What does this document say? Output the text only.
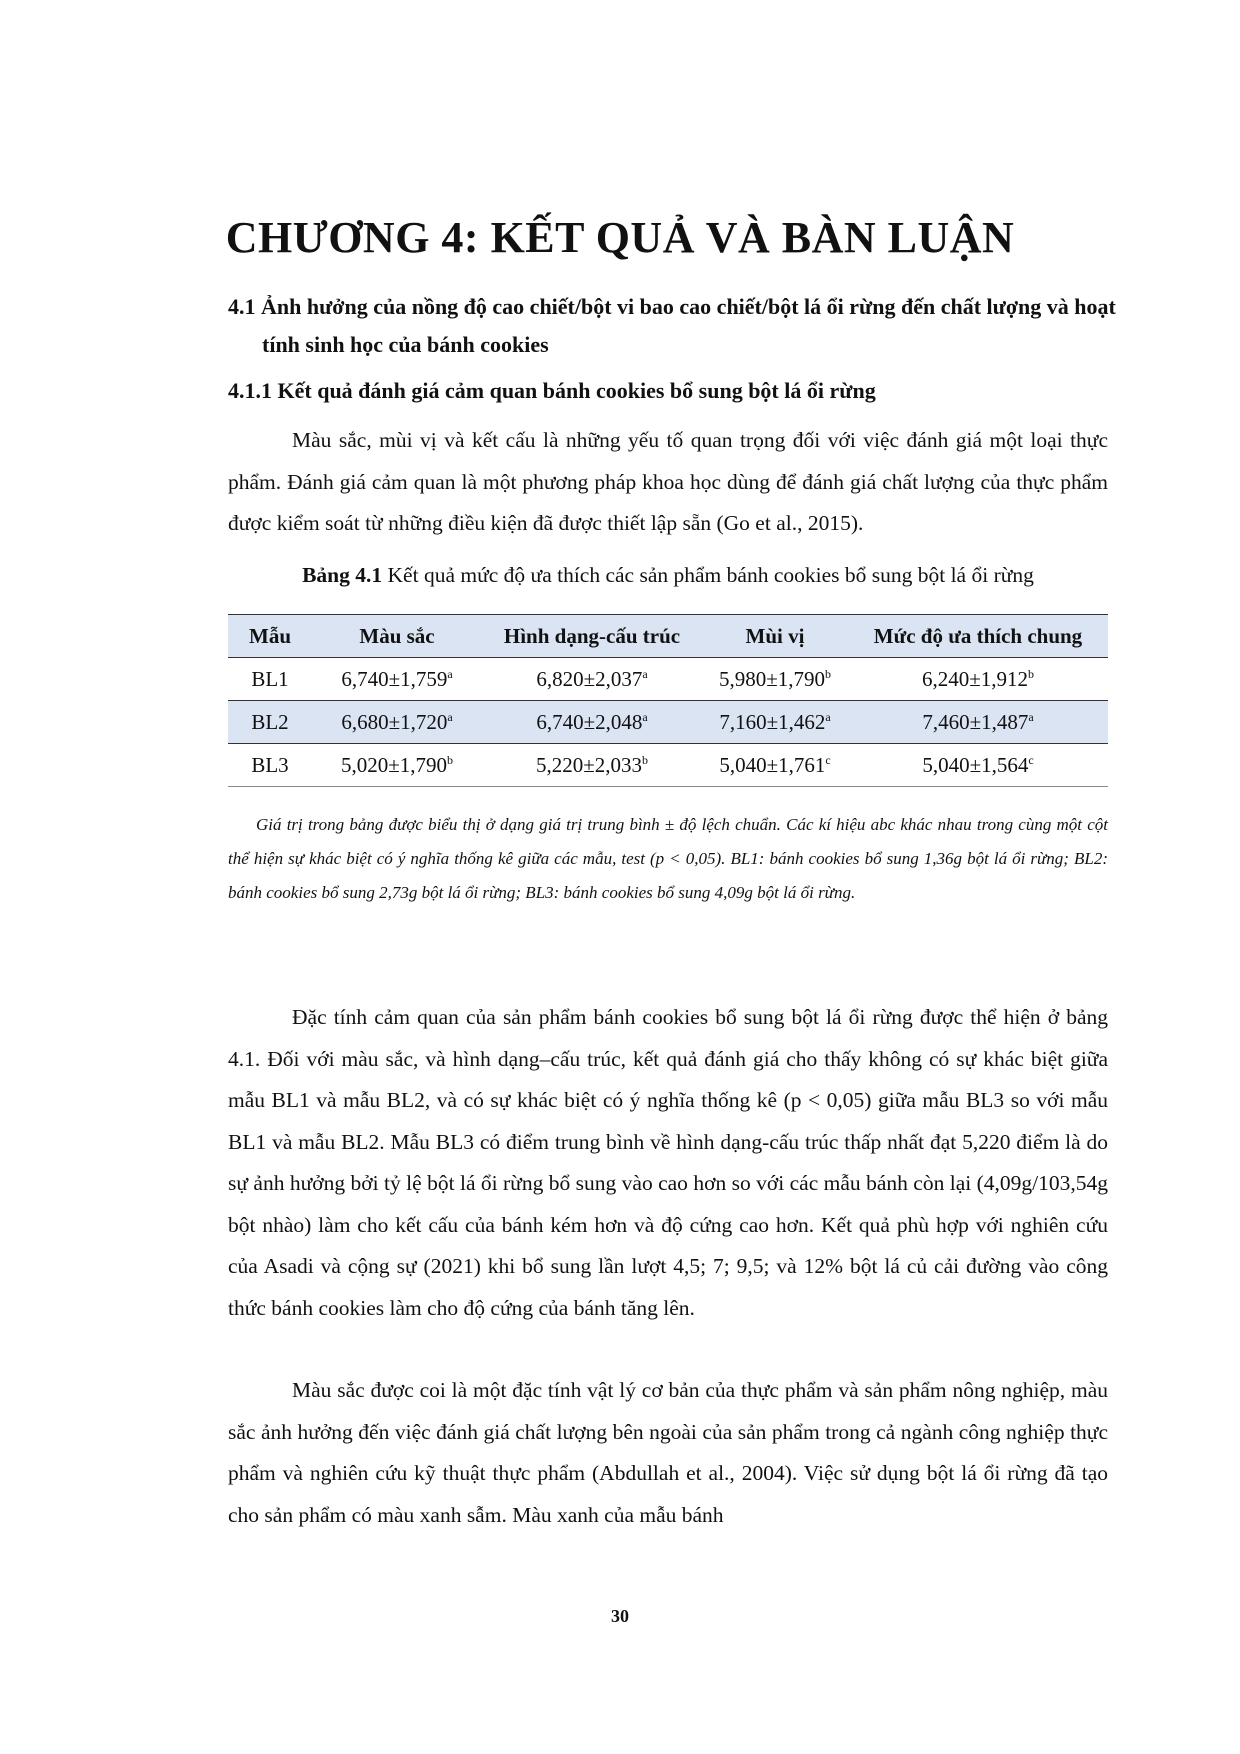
CHƯƠNG 4: KẾT QUẢ VÀ BÀN LUẬN

4.1 Ảnh hưởng của nồng độ cao chiết/bột vi bao cao chiết/bột lá ổi rừng đến chất lượng và hoạt tính sinh học của bánh cookies

4.1.1 Kết quả đánh giá cảm quan bánh cookies bổ sung bột lá ổi rừng

Màu sắc, mùi vị và kết cấu là những yếu tố quan trọng đối với việc đánh giá một loại thực phẩm. Đánh giá cảm quan là một phương pháp khoa học dùng để đánh giá chất lượng của thực phẩm được kiểm soát từ những điều kiện đã được thiết lập sẵn (Go et al., 2015).

Bảng 4.1 Kết quả mức độ ưa thích các sản phẩm bánh cookies bổ sung bột lá ổi rừng

Mẫu	Màu sắc	Hình dạng-cấu trúc	Mùi vị	Mức độ ưa thích chung
BL1	6,740±1,759$^a$	6,820±2,037$^a$	5,980±1,790$^b$	6,240±1,912$^b$
BL2	6,680±1,720$^a$	6,740±2,048$^a$	7,160±1,462$^a$	7,460±1,487$^a$
BL3	5,020±1,790$^b$	5,220±2,033$^b$	5,040±1,761$^c$	5,040±1,564$^c$

Giá trị trong bảng được biểu thị ở dạng giá trị trung bình ± độ lệch chuẩn. Các kí hiệu abc khác nhau trong cùng một cột thể hiện sự khác biệt có ý nghĩa thống kê giữa các mẫu, test (p < 0,05). BL1: bánh cookies bổ sung 1,36g bột lá ổi rừng; BL2: bánh cookies bổ sung 2,73g bột lá ổi rừng; BL3: bánh cookies bổ sung 4,09g bột lá ổi rừng.

Đặc tính cảm quan của sản phẩm bánh cookies bổ sung bột lá ổi rừng được thể hiện ở bảng 4.1. Đối với màu sắc, và hình dạng–cấu trúc, kết quả đánh giá cho thấy không có sự khác biệt giữa mẫu BL1 và mẫu BL2, và có sự khác biệt có ý nghĩa thống kê (p < 0,05) giữa mẫu BL3 so với mẫu BL1 và mẫu BL2. Mẫu BL3 có điểm trung bình về hình dạng-cấu trúc thấp nhất đạt 5,220 điểm là do sự ảnh hưởng bởi tỷ lệ bột lá ổi rừng bổ sung vào cao hơn so với các mẫu bánh còn lại (4,09g/103,54g bột nhào) làm cho kết cấu của bánh kém hơn và độ cứng cao hơn. Kết quả phù hợp với nghiên cứu của Asadi và cộng sự (2021) khi bổ sung lần lượt 4,5; 7; 9,5; và 12% bột lá củ cải đường vào công thức bánh cookies làm cho độ cứng của bánh tăng lên.

Màu sắc được coi là một đặc tính vật lý cơ bản của thực phẩm và sản phẩm nông nghiệp, màu sắc ảnh hưởng đến việc đánh giá chất lượng bên ngoài của sản phẩm trong cả ngành công nghiệp thực phẩm và nghiên cứu kỹ thuật thực phẩm (Abdullah et al., 2004). Việc sử dụng bột lá ổi rừng đã tạo cho sản phẩm có màu xanh sẫm. Màu xanh của mẫu bánh

30
